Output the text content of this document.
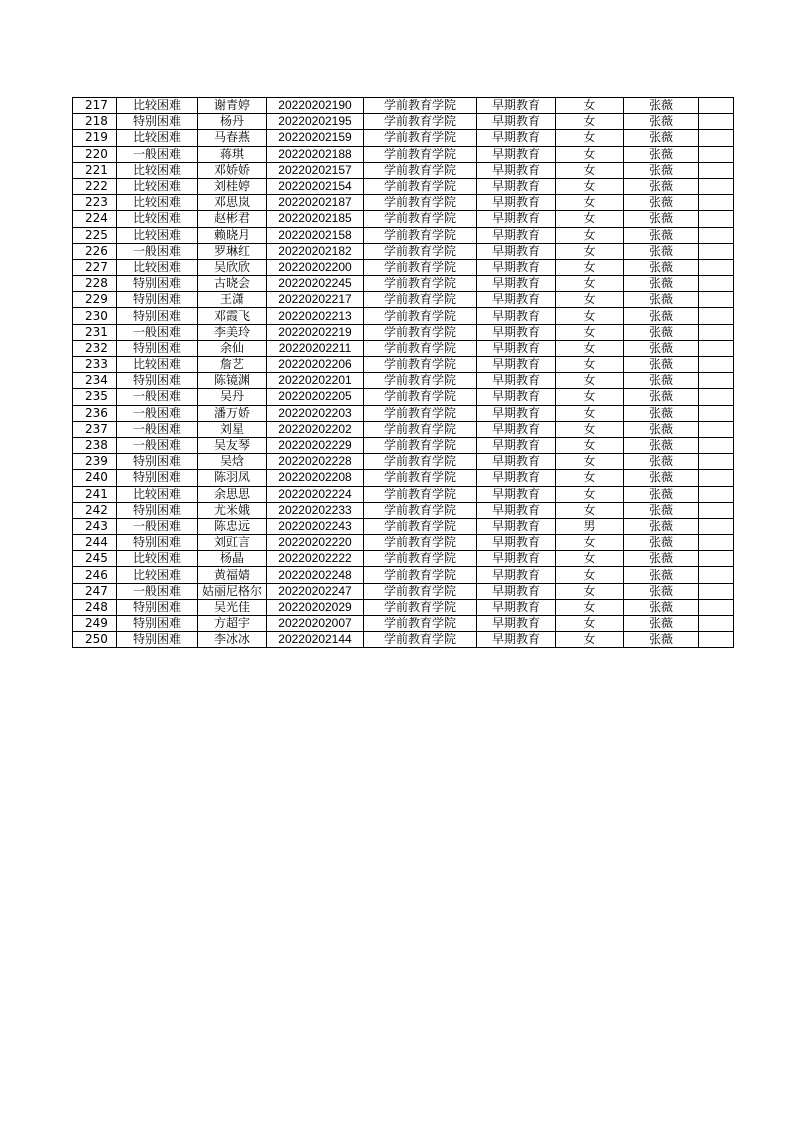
217	比较困难	谢青婷	20220202190	学前教育学院	早期教育	女	张薇	
218	特别困难	杨丹	20220202195	学前教育学院	早期教育	女	张薇	
219	比较困难	马春燕	20220202159	学前教育学院	早期教育	女	张薇	
220	一般困难	蒋琪	20220202188	学前教育学院	早期教育	女	张薇	
221	比较困难	邓娇娇	20220202157	学前教育学院	早期教育	女	张薇	
222	比较困难	刘桂婷	20220202154	学前教育学院	早期教育	女	张薇	
223	比较困难	邓思岚	20220202187	学前教育学院	早期教育	女	张薇	
224	比较困难	赵彬君	20220202185	学前教育学院	早期教育	女	张薇	
225	比较困难	赖晓月	20220202158	学前教育学院	早期教育	女	张薇	
226	一般困难	罗琳红	20220202182	学前教育学院	早期教育	女	张薇	
227	比较困难	吴欣欣	20220202200	学前教育学院	早期教育	女	张薇	
228	特别困难	古晓会	20220202245	学前教育学院	早期教育	女	张薇	
229	特别困难	王潇	20220202217	学前教育学院	早期教育	女	张薇	
230	特别困难	邓霞飞	20220202213	学前教育学院	早期教育	女	张薇	
231	一般困难	李美玲	20220202219	学前教育学院	早期教育	女	张薇	
232	特别困难	余仙	20220202211	学前教育学院	早期教育	女	张薇	
233	比较困难	詹艺	20220202206	学前教育学院	早期教育	女	张薇	
234	特别困难	陈镜渊	20220202201	学前教育学院	早期教育	女	张薇	
235	一般困难	吴丹	20220202205	学前教育学院	早期教育	女	张薇	
236	一般困难	潘万娇	20220202203	学前教育学院	早期教育	女	张薇	
237	一般困难	刘星	20220202202	学前教育学院	早期教育	女	张薇	
238	一般困难	吴友琴	20220202229	学前教育学院	早期教育	女	张薇	
239	特别困难	吴焓	20220202228	学前教育学院	早期教育	女	张薇	
240	特别困难	陈羽凤	20220202208	学前教育学院	早期教育	女	张薇	
241	比较困难	余思思	20220202224	学前教育学院	早期教育	女	张薇	
242	特别困难	尤米娥	20220202233	学前教育学院	早期教育	女	张薇	
243	一般困难	陈忠远	20220202243	学前教育学院	早期教育	男	张薇	
244	特别困难	刘豇言	20220202220	学前教育学院	早期教育	女	张薇	
245	比较困难	杨晶	20220202222	学前教育学院	早期教育	女	张薇	
246	比较困难	黄福婧	20220202248	学前教育学院	早期教育	女	张薇	
247	一般困难	姑丽尼格尔	20220202247	学前教育学院	早期教育	女	张薇	
248	特别困难	吴光佳	20220202029	学前教育学院	早期教育	女	张薇	
249	特别困难	方超宇	20220202007	学前教育学院	早期教育	女	张薇	
250	特别困难	李冰冰	20220202144	学前教育学院	早期教育	女	张薇	
